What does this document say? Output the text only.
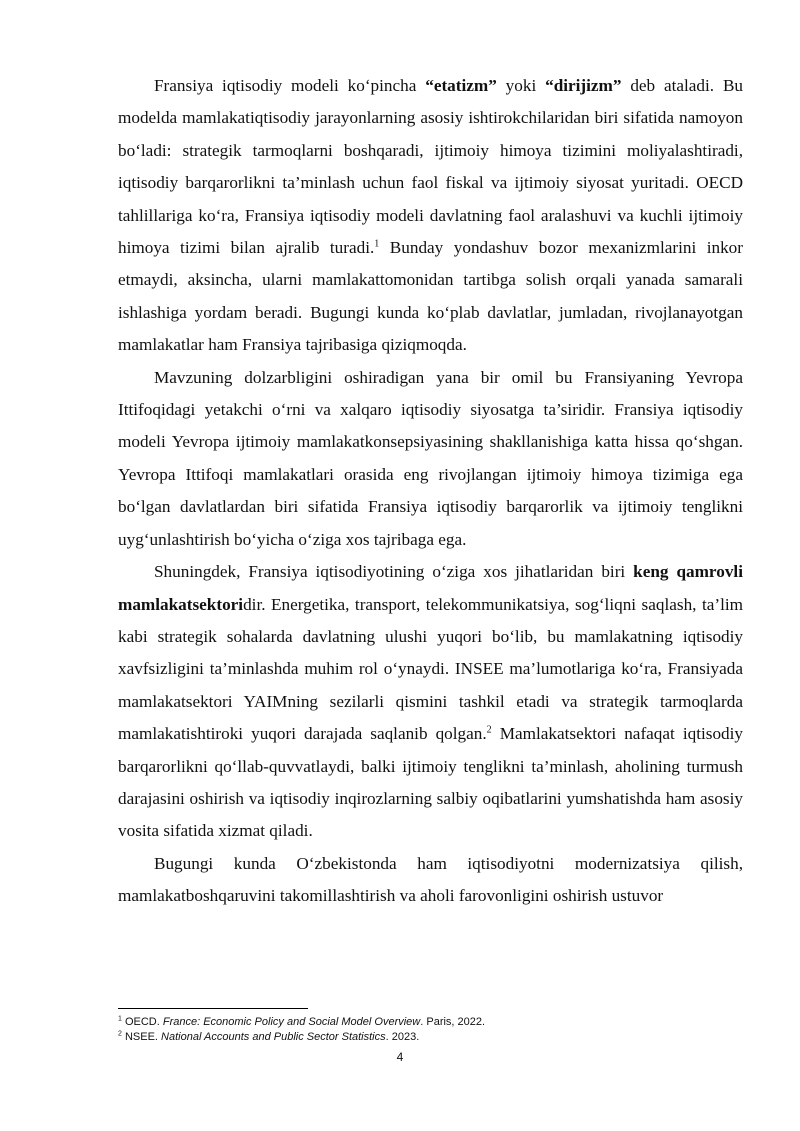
Fransiya iqtisodiy modeli ko‘pincha “etatizm” yoki “dirijizm” deb ataladi. Bu modelda mamlakatiqtisodiy jarayonlarning asosiy ishtirokchilaridan biri sifatida namoyon bo‘ladi: strategik tarmoqlarni boshqaradi, ijtimoiy himoya tizimini moliyalashtiradi, iqtisodiy barqarorlikni ta’minlash uchun faol fiskal va ijtimoiy siyosat yuritadi. OECD tahlillariga ko‘ra, Fransiya iqtisodiy modeli davlatning faol aralashuvi va kuchli ijtimoiy himoya tizimi bilan ajralib turadi.$^1$ Bunday yondashuv bozor mexanizmlarini inkor etmaydi, aksincha, ularni mamlakattomonidan tartibga solish orqali yanada samarali ishlashiga yordam beradi. Bugungi kunda ko‘plab davlatlar, jumladan, rivojlanayotgan mamlakatlar ham Fransiya tajribasiga qiziqmoqda.

Mavzuning dolzarbligini oshiradigan yana bir omil bu Fransiyaning Yevropa Ittifoqidagi yetakchi o‘rni va xalqaro iqtisodiy siyosatga ta’siridir. Fransiya iqtisodiy modeli Yevropa ijtimoiy mamlakatkonsepsiyasining shakllanishiga katta hissa qo‘shgan. Yevropa Ittifoqi mamlakatlari orasida eng rivojlangan ijtimoiy himoya tizimiga ega bo‘lgan davlatlardan biri sifatida Fransiya iqtisodiy barqarorlik va ijtimoiy tenglikni uyg‘unlashtirish bo‘yicha o‘ziga xos tajribaga ega.

Shuningdek, Fransiya iqtisodiyotining o‘ziga xos jihatlaridan biri keng qamrovli mamlakatsektoridir. Energetika, transport, telekommunikatsiya, sog‘liqni saqlash, ta’lim kabi strategik sohalarda davlatning ulushi yuqori bo‘lib, bu mamlakatning iqtisodiy xavfsizligini ta’minlashda muhim rol o‘ynaydi. INSEE ma’lumotlariga ko‘ra, Fransiyada mamlakatsektori YAIMning sezilarli qismini tashkil etadi va strategik tarmoqlarda mamlakatishtiroki yuqori darajada saqlanib qolgan.$^2$ Mamlakatsektori nafaqat iqtisodiy barqarorlikni qo‘llab-quvvatlaydi, balki ijtimoiy tenglikni ta’minlash, aholining turmush darajasini oshirish va iqtisodiy inqirozlarning salbiy oqibatlarini yumshatishda ham asosiy vosita sifatida xizmat qiladi.

Bugungi kunda O‘zbekistonda ham iqtisodiyotni modernizatsiya qilish, mamlakatboshqaruvini takomillashtirish va aholi farovonligini oshirish ustuvor

$^1$ OECD. France: Economic Policy and Social Model Overview. Paris, 2022.

$^2$ NSEE. National Accounts and Public Sector Statistics. 2023.

4
